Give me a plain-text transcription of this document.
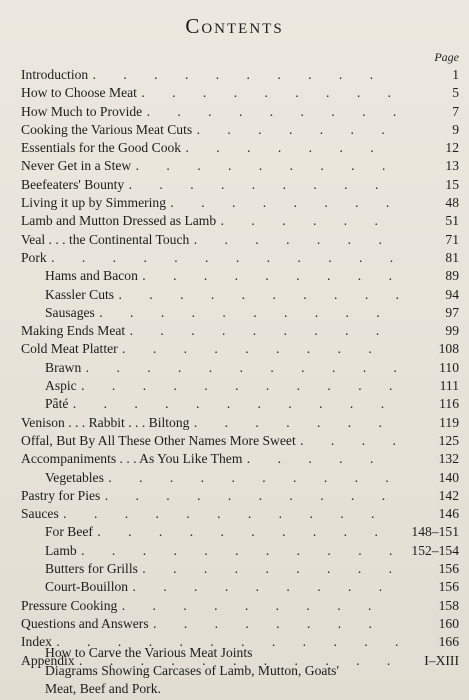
Contents
Page
Introduction .	1
How to Choose Meat .	5
How Much to Provide .	7
Cooking the Various Meat Cuts .	9
Essentials for the Good Cook .	12
Never Get in a Stew .	13
Beefeaters' Bounty .	15
Living it up by Simmering .	48
Lamb and Mutton Dressed as Lamb .	51
Veal . . . the Continental Touch .	71
Pork .	81
Hams and Bacon .	89
Kassler Cuts .	94
Sausages .	97
Making Ends Meat .	99
Cold Meat Platter .	108
Brawn .	110
Aspic .	111
Pâté .	116
Venison . . . Rabbit . . . Biltong .	119
Offal, But By All These Other Names More Sweet .	125
Accompaniments . . . As You Like Them .	132
Vegetables .	140
Pastry for Pies .	142
Sauces .	146
For Beef .	148–151
Lamb .	152–154
Butters for Grills .	156
Court-Bouillon .	156
Pressure Cooking .	158
Questions and Answers .	160
Index .	166
Appendix .	I–XIII
How to Carve the Various Meat Joints
Diagrams Showing Carcases of Lamb, Mutton, Goats'
Meat, Beef and Pork.
